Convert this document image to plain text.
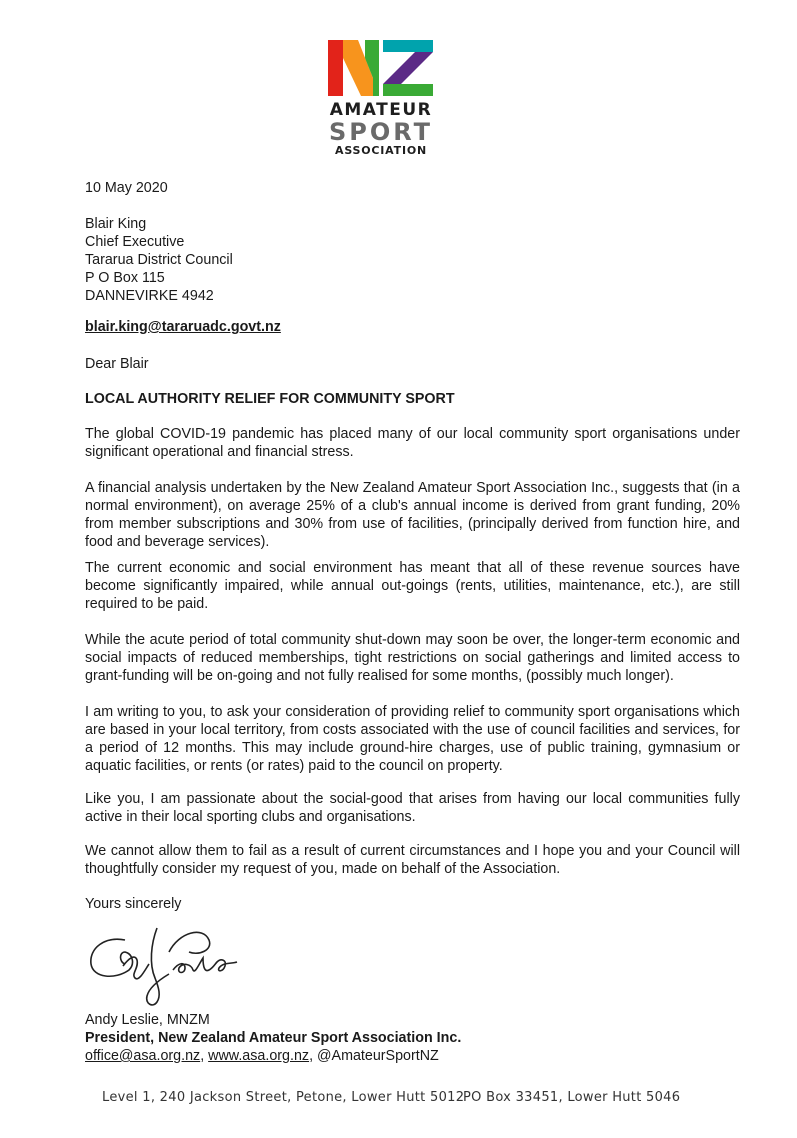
AMATEUR
SPORT
ASSOCIATION
10 May 2020
Blair King
Chief Executive
Tararua District Council
P O Box 115
DANNEVIRKE 4942
blair.king@tararuadc.govt.nz
Dear Blair
LOCAL AUTHORITY RELIEF FOR COMMUNITY SPORT
The global COVID-19 pandemic has placed many of our local community sport organisations under significant operational and financial stress.
A financial analysis undertaken by the New Zealand Amateur Sport Association Inc., suggests that (in a normal environment), on average 25% of a club's annual income is derived from grant funding, 20% from member subscriptions and 30% from use of facilities, (principally derived from function hire, and food and beverage services).
The current economic and social environment has meant that all of these revenue sources have become significantly impaired, while annual out-goings (rents, utilities, maintenance, etc.), are still required to be paid.
While the acute period of total community shut-down may soon be over, the longer-term economic and social impacts of reduced memberships, tight restrictions on social gatherings and limited access to grant-funding will be on-going and not fully realised for some months, (possibly much longer).
I am writing to you, to ask your consideration of providing relief to community sport organisations which are based in your local territory, from costs associated with the use of council facilities and services, for a period of 12 months. This may include ground-hire charges, use of public training, gymnasium or aquatic facilities, or rents (or rates) paid to the council on property.
Like you, I am passionate about the social-good that arises from having our local communities fully active in their local sporting clubs and organisations.
We cannot allow them to fail as a result of current circumstances and I hope you and your Council will thoughtfully consider my request of you, made on behalf of the Association.
Yours sincerely
Andy Leslie, MNZM
President, New Zealand Amateur Sport Association Inc.
office@asa.org.nz, www.asa.org.nz, @AmateurSportNZ
Level 1, 240 Jackson Street, Petone, Lower Hutt 5012
PO Box 33451, Lower Hutt 5046
